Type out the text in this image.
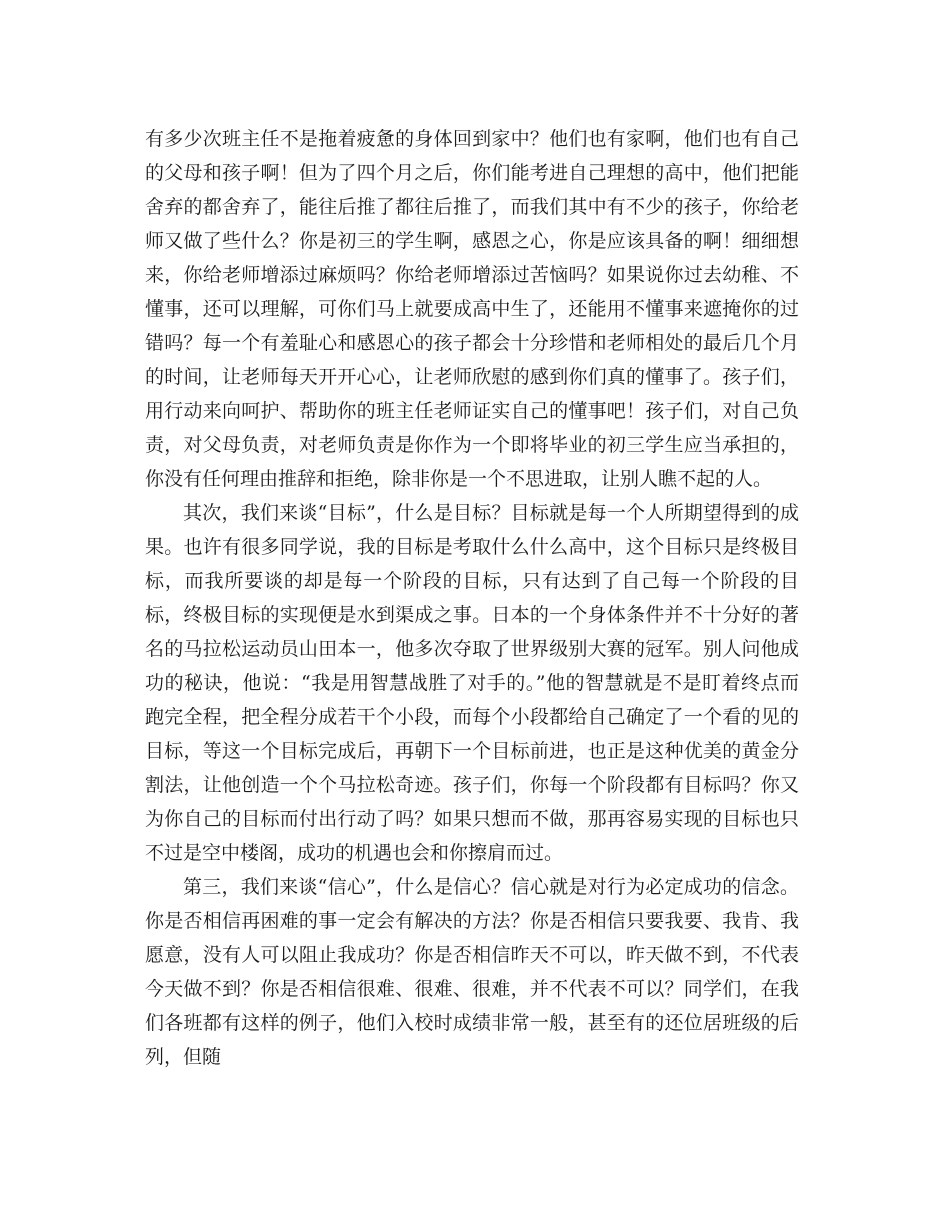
有多少次班主任不是拖着疲惫的身体回到家中？他们也有家啊，他们也有自己的父母和孩子啊！但为了四个月之后，你们能考进自己理想的高中，他们把能舍弃的都舍弃了，能往后推了都往后推了，而我们其中有不少的孩子，你给老师又做了些什么？你是初三的学生啊，感恩之心，你是应该具备的啊！细细想来，你给老师增添过麻烦吗？你给老师增添过苦恼吗？如果说你过去幼稚、不懂事，还可以理解，可你们马上就要成高中生了，还能用不懂事来遮掩你的过错吗？每一个有羞耻心和感恩心的孩子都会十分珍惜和老师相处的最后几个月的时间，让老师每天开开心心，让老师欣慰的感到你们真的懂事了。孩子们，用行动来向呵护、帮助你的班主任老师证实自己的懂事吧！孩子们，对自己负责，对父母负责，对老师负责是你作为一个即将毕业的初三学生应当承担的，你没有任何理由推辞和拒绝，除非你是一个不思进取，让别人瞧不起的人。

其次，我们来谈“目标”，什么是目标？目标就是每一个人所期望得到的成果。也许有很多同学说，我的目标是考取什么什么高中，这个目标只是终极目标，而我所要谈的却是每一个阶段的目标，只有达到了自己每一个阶段的目标，终极目标的实现便是水到渠成之事。日本的一个身体条件并不十分好的著名的马拉松运动员山田本一，他多次夺取了世界级别大赛的冠军。别人问他成功的秘诀，他说：“我是用智慧战胜了对手的。”他的智慧就是不是盯着终点而跑完全程，把全程分成若干个小段，而每个小段都给自己确定了一个看的见的目标，等这一个目标完成后，再朝下一个目标前进，也正是这种优美的黄金分割法，让他创造一个个马拉松奇迹。孩子们，你每一个阶段都有目标吗？你又为你自己的目标而付出行动了吗？如果只想而不做，那再容易实现的目标也只不过是空中楼阁，成功的机遇也会和你擦肩而过。

第三，我们来谈“信心”，什么是信心？信心就是对行为必定成功的信念。你是否相信再困难的事一定会有解决的方法？你是否相信只要我要、我肯、我愿意，没有人可以阻止我成功？你是否相信昨天不可以，昨天做不到，不代表今天做不到？你是否相信很难、很难、很难，并不代表不可以？同学们，在我们各班都有这样的例子，他们入校时成绩非常一般，甚至有的还位居班级的后列，但随
